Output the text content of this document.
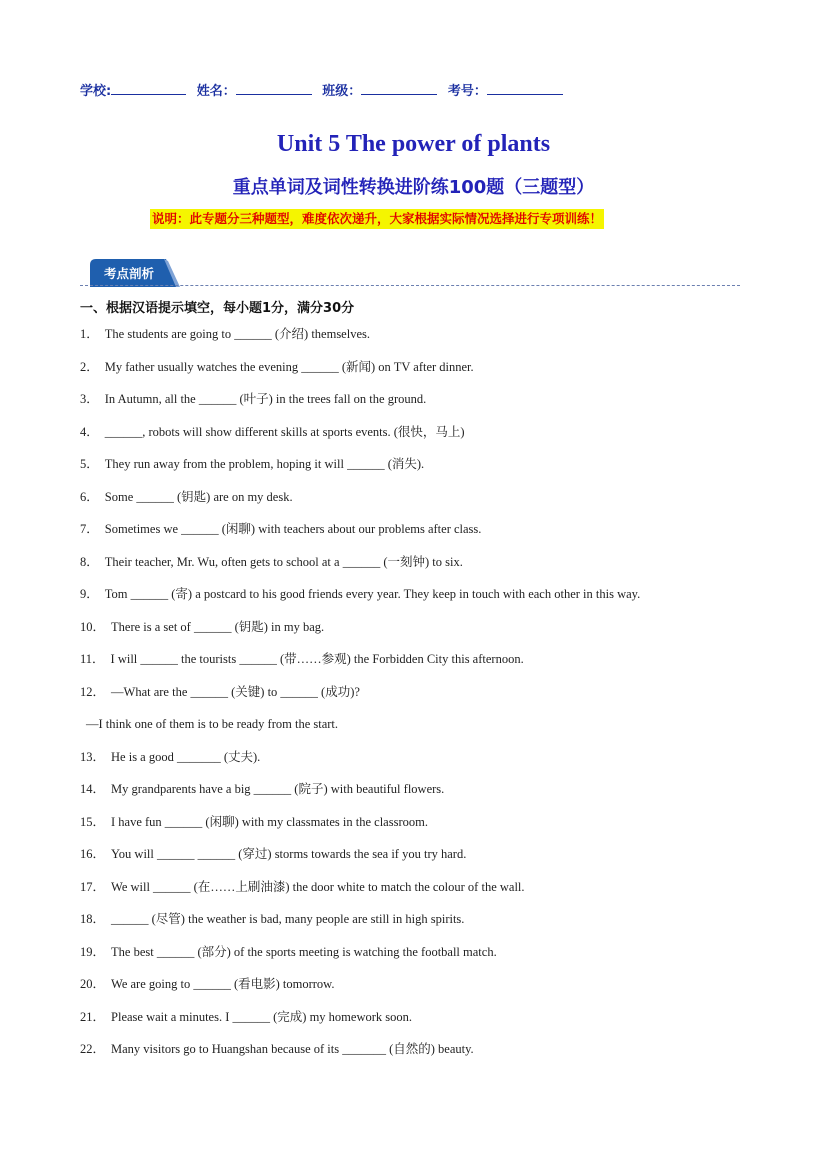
学校:	姓名：	班级：	考号：
Unit 5 The power of plants
重点单词及词性转换进阶练100题（三题型）
说明：此专题分三种题型，难度依次递升，大家根据实际情况选择进行专项训练！
考点剖析
一、根据汉语提示填空，每小题1分，满分30分
1． The students are going to ______ (介绍) themselves.
2． My father usually watches the evening ______ (新闻) on TV after dinner.
3． In Autumn, all the ______ (叶子) in the trees fall on the ground.
4． ______, robots will show different skills at sports events. (很快，马上)
5． They run away from the problem, hoping it will ______ (消失).
6． Some ______ (钥匙) are on my desk.
7． Sometimes we ______ (闲聊) with teachers about our problems after class.
8． Their teacher, Mr. Wu, often gets to school at a ______ (一刻钟) to six.
9． Tom ______ (寄) a postcard to his good friends every year. They keep in touch with each other in this way.
10． There is a set of ______ (钥匙) in my bag.
11． I will ______ the tourists ______ (带……参观) the Forbidden City this afternoon.
12． —What are the ______ (关键) to ______ (成功)?
—I think one of them is to be ready from the start.
13． He is a good _______ (丈夫).
14． My grandparents have a big ______ (院子) with beautiful flowers.
15． I have fun ______ (闲聊) with my classmates in the classroom.
16． You will ______ ______ (穿过) storms towards the sea if you try hard.
17． We will ______ (在……上刷油漆) the door white to match the colour of the wall.
18． ______ (尽管) the weather is bad, many people are still in high spirits.
19． The best ______ (部分) of the sports meeting is watching the football match.
20． We are going to ______ (看电影) tomorrow.
21． Please wait a minutes. I ______ (完成) my homework soon.
22． Many visitors go to Huangshan because of its _______ (自然的) beauty.
